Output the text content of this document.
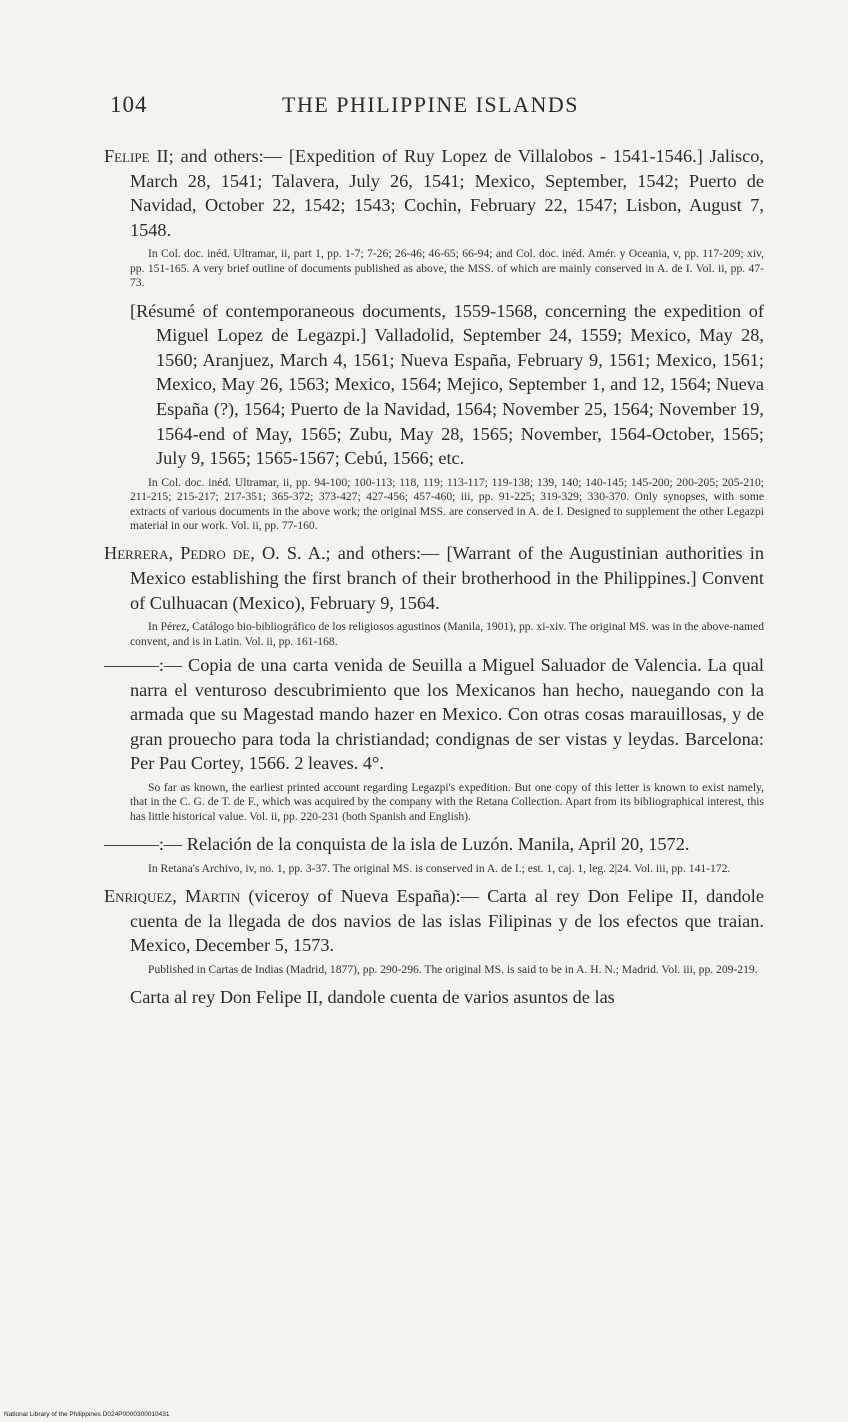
104	THE PHILIPPINE ISLANDS

Felipe II; and others:— [Expedition of Ruy Lopez de Villalobos - 1541-1546.] Jalisco, March 28, 1541; Talavera, July 26, 1541; Mexico, September, 1542; Puerto de Navidad, October 22, 1542; 1543; Cochin, February 22, 1547; Lisbon, August 7, 1548.

In Col. doc. inéd. Ultramar, ii, part 1, pp. 1-7; 7-26; 26-46; 46-65; 66-94; and Col. doc. inéd. Amér. y Oceania, v, pp. 117-209; xiv, pp. 151-165. A very brief outline of documents published as above, the MSS. of which are mainly conserved in A. de I. Vol. ii, pp. 47-73.

[Résumé of contemporaneous documents, 1559-1568, concerning the expedition of Miguel Lopez de Legazpi.] Valladolid, September 24, 1559; Mexico, May 28, 1560; Aranjuez, March 4, 1561; Nueva España, February 9, 1561; Mexico, 1561; Mexico, May 26, 1563; Mexico, 1564; Mejico, September 1, and 12, 1564; Nueva España (?), 1564; Puerto de la Navidad, 1564; November 25, 1564; November 19, 1564-end of May, 1565; Zubu, May 28, 1565; November, 1564-October, 1565; July 9, 1565; 1565-1567; Cebú, 1566; etc.

In Col. doc. inéd. Ultramar, ii, pp. 94-100; 100-113; 118, 119; 113-117; 119-138; 139, 140; 140-145; 145-200; 200-205; 205-210; 211-215; 215-217; 217-351; 365-372; 373-427; 427-456; 457-460; iii, pp. 91-225; 319-329; 330-370. Only synopses, with some extracts of various documents in the above work; the original MSS. are conserved in A. de I. Designed to supplement the other Legazpi material in our work. Vol. ii, pp. 77-160.

Herrera, Pedro de, O. S. A.; and others:— [Warrant of the Augustinian authorities in Mexico establishing the first branch of their brotherhood in the Philippines.] Convent of Culhuacan (Mexico), February 9, 1564.

In Pérez, Catálogo bio-bibliográfico de los religiosos agustinos (Manila, 1901), pp. xi-xiv. The original MS. was in the above-named convent, and is in Latin. Vol. ii, pp. 161-168.

———:— Copia de una carta venida de Seuilla a Miguel Saluador de Valencia. La qual narra el venturoso descubrimiento que los Mexicanos han hecho, nauegando con la armada que su Magestad mando hazer en Mexico. Con otras cosas marauillosas, y de gran prouecho para toda la christiandad; condignas de ser vistas y leydas. Barcelona: Per Pau Cortey, 1566. 2 leaves. 4°.

So far as known, the earliest printed account regarding Legazpi's expedition. But one copy of this letter is known to exist namely, that in the C. G. de T. de F., which was acquired by the company with the Retana Collection. Apart from its bibliographical interest, this has little historical value. Vol. ii, pp. 220-231 (both Spanish and English).

———:— Relación de la conquista de la isla de Luzón. Manila, April 20, 1572.

In Retana's Archivo, iv, no. 1, pp. 3-37. The original MS. is conserved in A. de I.; est. 1, caj. 1, leg. 2|24. Vol. iii, pp. 141-172.

Enriquez, Martin (viceroy of Nueva España):— Carta al rey Don Felipe II, dandole cuenta de la llegada de dos navios de las islas Filipinas y de los efectos que traian. Mexico, December 5, 1573.

Published in Cartas de Indias (Madrid, 1877), pp. 290-296. The original MS. is said to be in A. H. N.; Madrid. Vol. iii, pp. 209-219.

Carta al rey Don Felipe II, dandole cuenta de varios asuntos de las

National Library of the Philippines D024P0000300010431
